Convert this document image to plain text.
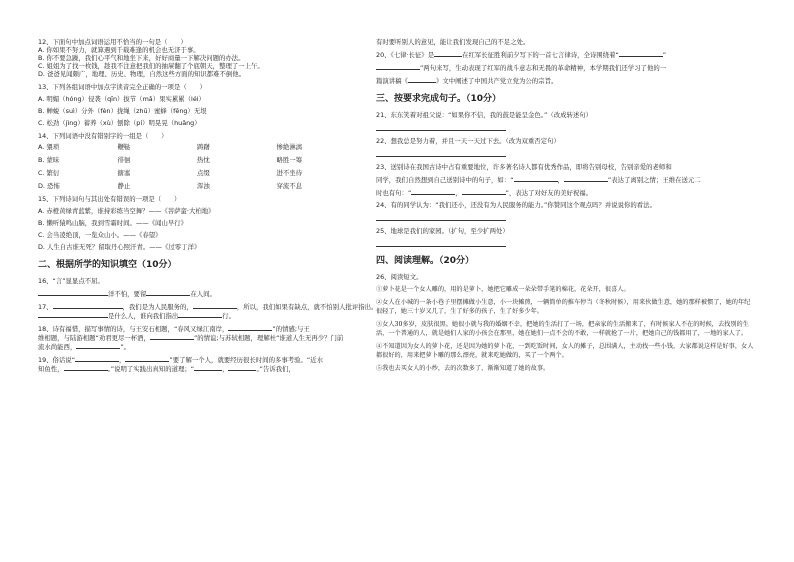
12、下面句中加点词语运用不恰当的一句是（　　）
A. 你如果不努力，就算遇到千载难逢的机会也无济于事。
B. 你不要急躁，我们心平气和地坐下来，好好商量一下解决问题的办法。
C. 姐姐为了找一枚钱，趁我不注意把我们的抽屉翻了个底朝天，整理了一上午。
D. 爸爸见闻颇广，地理、历史、物理，自然这些方面的知识都难不倒他。
13、下列各组词语中加点字读音完全正确的一项是（　　）
A. 明媚（hóng）侵袭（qīn）拔节（mǎ）果实累累（léi）
B. 蝉蜕（suì）分外（fèn）拢绳（zhū）蜜蜂（fēng）无垠
C. 松劲（jìng）蓄养（xù）刨除（pí）明晃晃（huǎng）
14、下列词语中没有错别字的一组是（　　）
A. 猥琐	鞭鞑	踌躇	惨絶淋漓
B. 蒙昧	徘徊	热忱	略胜一筹
C. 繁衍	搪塞	点缀	进不坐待
D. 恐怖	静止	浑浊	穿流不息
15、下列诗词句与其出处有错误的一项是（　　）
A. 赤橙黄绿青蓝紫，谁持彩练当空舞？——《菩萨蛮·大柏地》
B. 懒听猿鸣山脑，我到雪霜时间。——《闻山早行》
C. 会当凌绝顶，一览众山小。——《春望》
D. 人生自古谁无死？留取丹心照汗青。——《过零丁洋》
二、根据所学的知识填空（10分）
16、“言”显显点不屈。
洋不怕，要留	在人间。
17、	，我们是为人民服务的，	，所以，我们如果有缺点，就不怕别人批评指出。
是什么人，谁向我们指出	行。
18、诗有福惜，描写事情的诗，与王安石相题，“春风又绿江南岸，	”的情感;与王
维相题，与陆游相题“劝君更尽一杯酒，	”的情谊;与苏轼相题，理解杜“谁道人生无再少？门前
流水尚能西，	”。
19、俗话说“	，	”要了解一个人，就要经历很长时间的多事考验。“近水
知鱼性，	。”说明了实践出真知的道理；“	，	。”告诉我们，
有时要听别人的意见，能让我们发现自己的不足之处。
20、《七律·长征》是	在红军长征胜利前夕写下的一首七言律诗，全诗围绕着“	”
”两句来写，生动表现了红军的战斗意志和无畏的革命精神，本学期我们还学习了他的一
篇演讲稿《	》文中阐述了中国共产党立党为公的宗旨。
三、按要求完成句子。（10分）
21、东东笑着对祖父说：“如果你不信，我的鼓是能呈金色。”（改成转述句）
22、想我总是努力着，并且一天一天过下去。（改为双重否定句）
23、送别诗在我国古诗中占有重要地位，许多著名诗人都有优秀作品，即将告别母校，告别亲爱的老师和
同学，我们自然想到自己送别诗中的句子，如：“	，	”表达了离别之情；王维在送元二
时也有句：“	，	”，表达了对好友的美好祝福。
24、有的同学认为：“我们还小，还没有为人民服务的能力。”你赞同这个观点吗？并说说你的看法。
25、地球是我们的家园。（扩句，至少扩两处）
四、阅读理解。（20分）
26、阅读短文。

①萝卜花是一个女人雕的，用的是萝卜，她把它雕成一朵朵带手笔的棉花，花朵开，很喜人。

②女人在小城的一条小巷子里摆摊做小生意，小一块摊煎，一辆简单的推车停当（冬秋时候），用来伙做生意，她的那样被惯了，她的年纪很轻了，她三十岁又几了，生了好多的孩子，生了好多少年。

③女人30多岁，皮肤很黑。她很小就与我的婚姻不幸，把她的生活打了一场，把亲家的生活搬来了，有时候家人不在的时候，去找别的生活，一个普通的人，就是她们人家的小孩会在那里，她在她们一点不会的不敢，一样就抢了一片，把她自己的钱都用了，一地的家人了。

④不知道因为女人的萝卜花，还是因为她的萝卜花，一到吃饭时间，女人的摊子，总围满人，主动找一些小钱，大家都说这样是好事，女人都很好的，用来把萝卜雕的那么漂亮，就来吃她做的，买了一个两个。

⑤我也去买女人的小炒，去的次数多了，渐渐知道了她的故事。
